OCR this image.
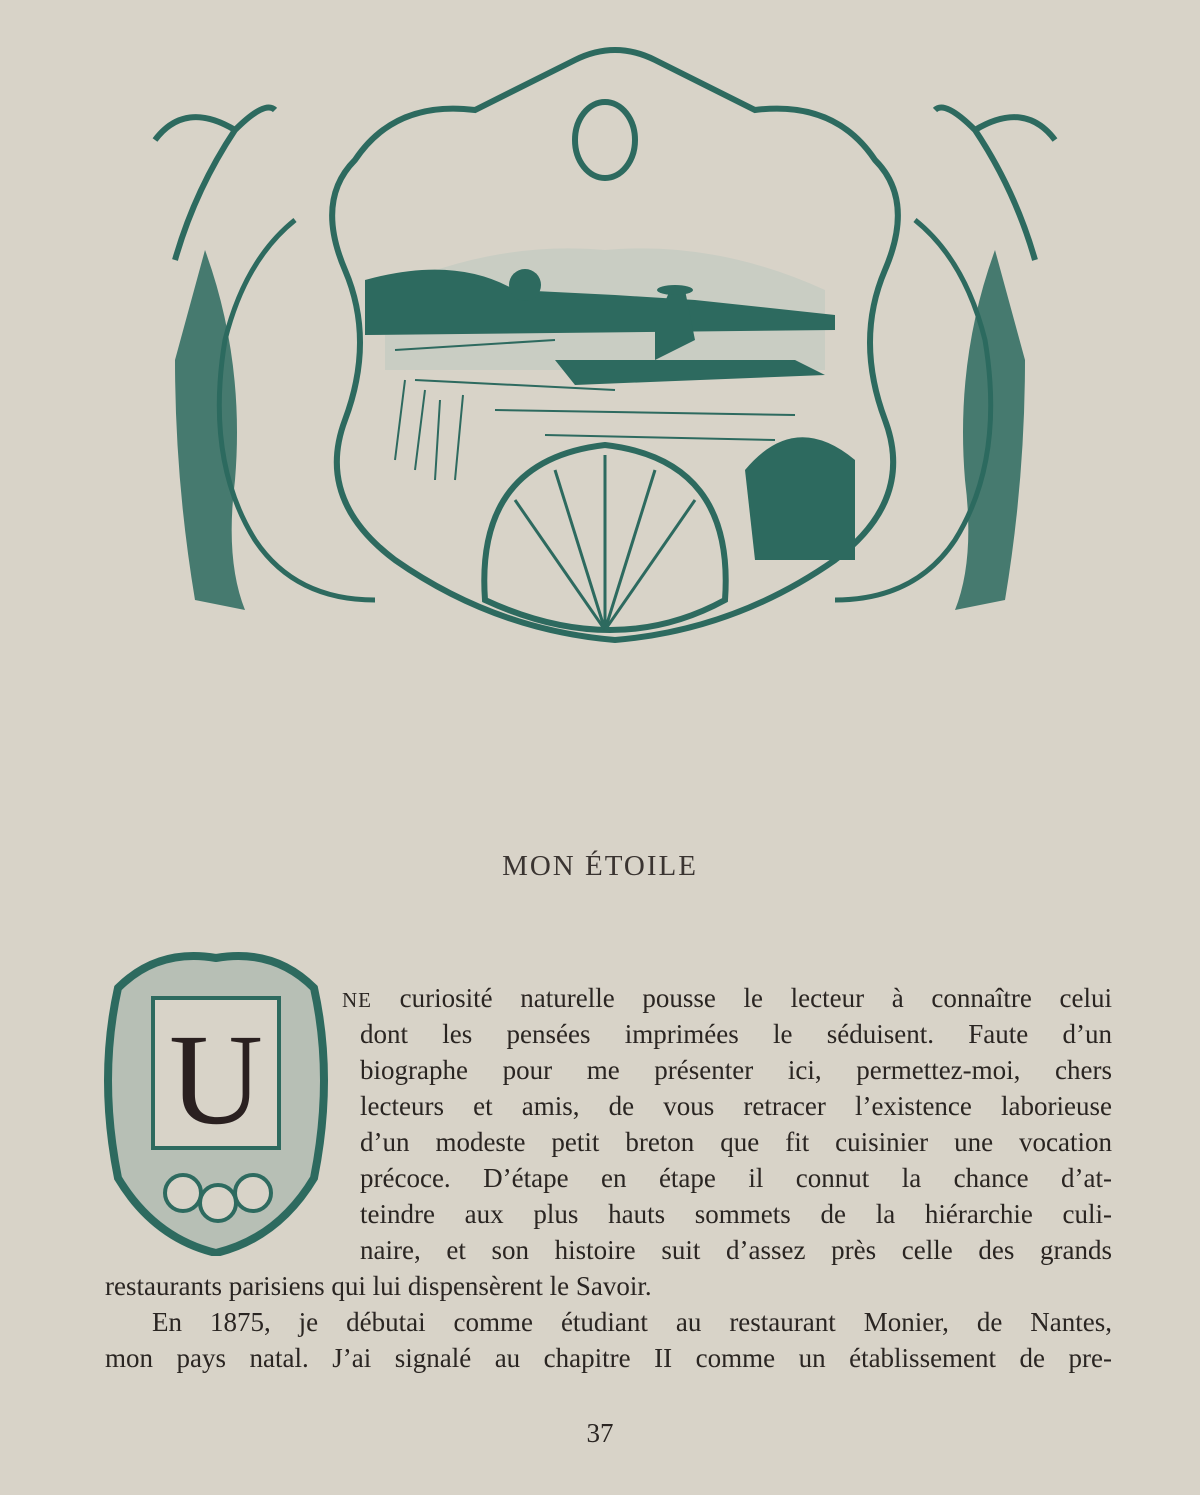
MON ÉTOILE
U
NE curiosité naturelle pousse le lecteur à connaître celui
dont les pensées imprimées le séduisent. Faute d’un
biographe pour me présenter ici, permettez-moi, chers
lecteurs et amis, de vous retracer l’existence laborieuse
d’un modeste petit breton que fit cuisinier une vocation
précoce. D’étape en étape il connut la chance d’at-
teindre aux plus hauts sommets de la hiérarchie culi-
naire, et son histoire suit d’assez près celle des grands
restaurants parisiens qui lui dispensèrent le Savoir.
En 1875, je débutai comme étudiant au restaurant Monier, de Nantes,
mon pays natal. J’ai signalé au chapitre II comme un établissement de pre-
37
